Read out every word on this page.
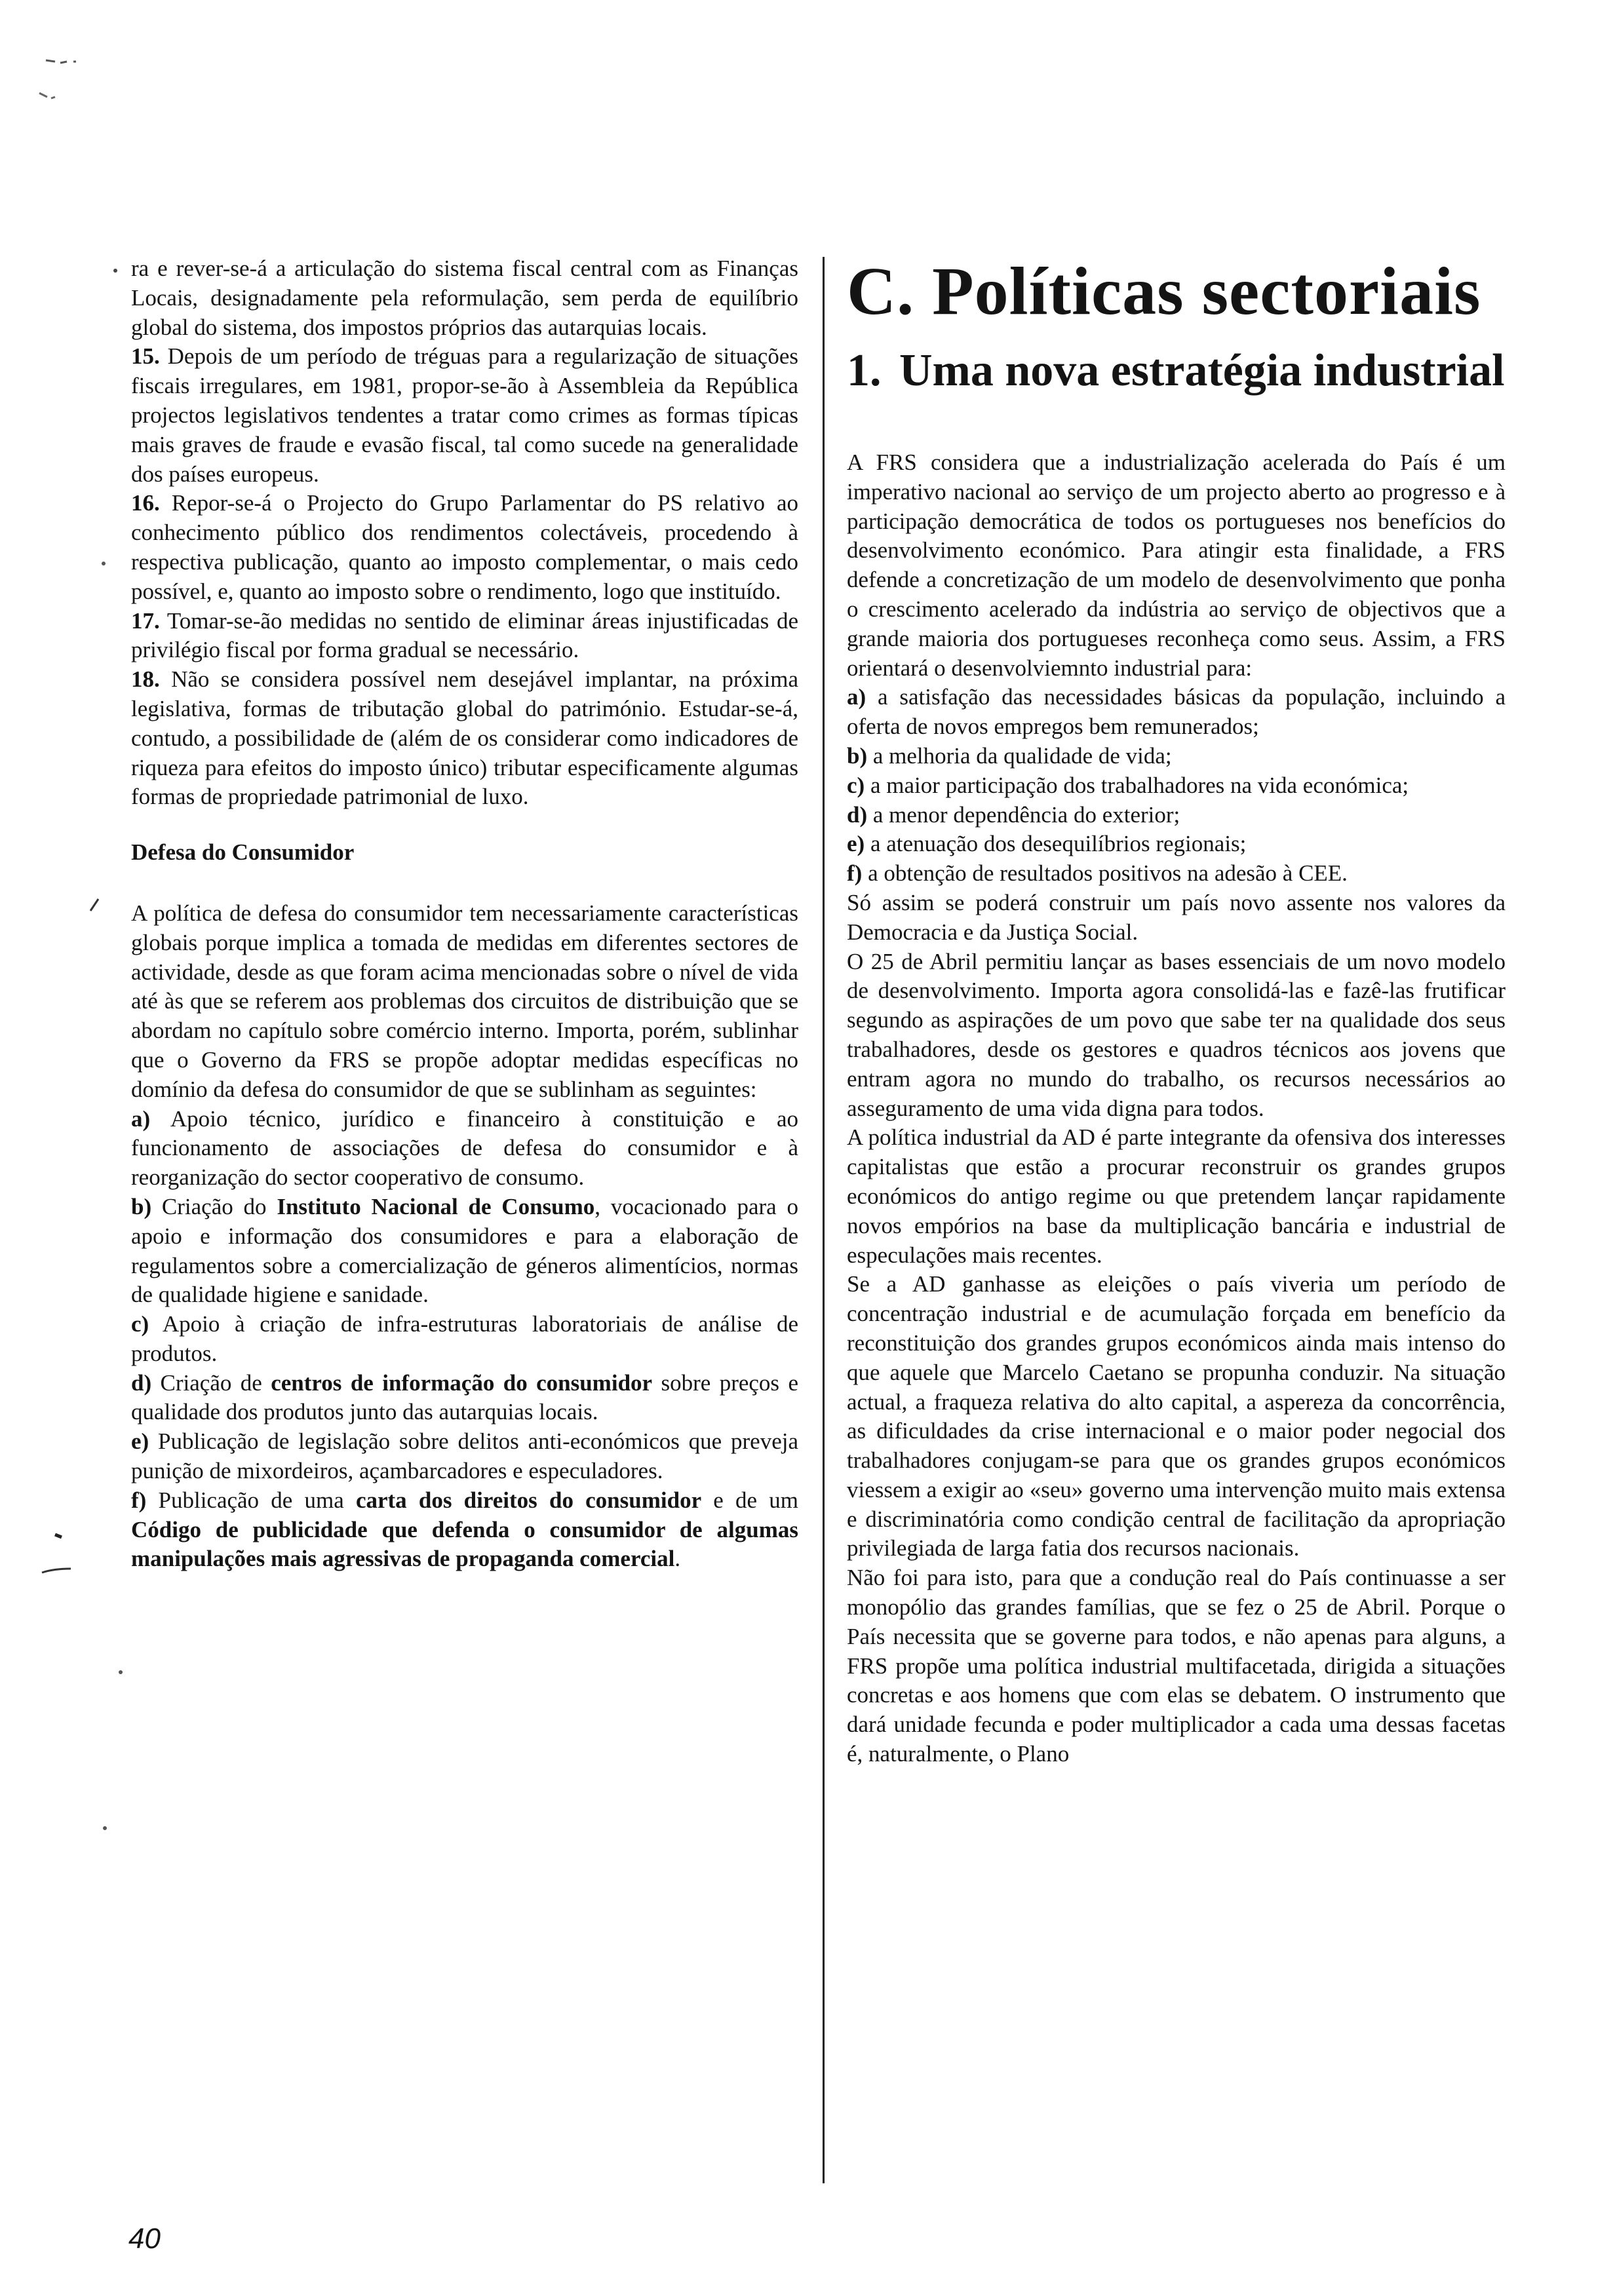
ra e rever-se-á a articulação do sistema fiscal central com as Finanças Locais, designadamente pela reformulação, sem perda de equilíbrio global do sistema, dos impostos próprios das autarquias locais.

15. Depois de um período de tréguas para a regularização de situações fiscais irregulares, em 1981, propor-se-ão à Assembleia da República projectos legislativos tendentes a tratar como crimes as formas típicas mais graves de fraude e evasão fiscal, tal como sucede na generalidade dos países europeus.

16. Repor-se-á o Projecto do Grupo Parlamentar do PS relativo ao conhecimento público dos rendimentos colectáveis, procedendo à respectiva publicação, quanto ao imposto complementar, o mais cedo possível, e, quanto ao imposto sobre o rendimento, logo que instituído.

17. Tomar-se-ão medidas no sentido de eliminar áreas injustificadas de privilégio fiscal por forma gradual se necessário.

18. Não se considera possível nem desejável implantar, na próxima legislativa, formas de tributação global do património. Estudar-se-á, contudo, a possibilidade de (além de os considerar como indicadores de riqueza para efeitos do imposto único) tributar especificamente algumas formas de propriedade patrimonial de luxo.

Defesa do Consumidor

A política de defesa do consumidor tem necessariamente características globais porque implica a tomada de medidas em diferentes sectores de actividade, desde as que foram acima mencionadas sobre o nível de vida até às que se referem aos problemas dos circuitos de distribuição que se abordam no capítulo sobre comércio interno. Importa, porém, sublinhar que o Governo da FRS se propõe adoptar medidas específicas no domínio da defesa do consumidor de que se sublinham as seguintes:

a) Apoio técnico, jurídico e financeiro à constituição e ao funcionamento de associações de defesa do consumidor e à reorganização do sector cooperativo de consumo.

b) Criação do Instituto Nacional de Consumo, vocacionado para o apoio e informação dos consumidores e para a elaboração de regulamentos sobre a comercialização de géneros alimentícios, normas de qualidade higiene e sanidade.

c) Apoio à criação de infra-estruturas laboratoriais de análise de produtos.

d) Criação de centros de informação do consumidor sobre preços e qualidade dos produtos junto das autarquias locais.

e) Publicação de legislação sobre delitos anti-económicos que preveja punição de mixordeiros, açambarcadores e especuladores.

f) Publicação de uma carta dos direitos do consumidor e de um Código de publicidade que defenda o consumidor de algumas manipulações mais agressivas de propaganda comercial.

C. Políticas sectoriais
1. Uma nova estratégia industrial

A FRS considera que a industrialização acelerada do País é um imperativo nacional ao serviço de um projecto aberto ao progresso e à participação democrática de todos os portugueses nos benefícios do desenvolvimento económico. Para atingir esta finalidade, a FRS defende a concretização de um modelo de desenvolvimento que ponha o crescimento acelerado da indústria ao serviço de objectivos que a grande maioria dos portugueses reconheça como seus. Assim, a FRS orientará o desenvolviemnto industrial para:

a) a satisfação das necessidades básicas da população, incluindo a oferta de novos empregos bem remunerados;

b) a melhoria da qualidade de vida;

c) a maior participação dos trabalhadores na vida económica;

d) a menor dependência do exterior;

e) a atenuação dos desequilíbrios regionais;

f) a obtenção de resultados positivos na adesão à CEE.

Só assim se poderá construir um país novo assente nos valores da Democracia e da Justiça Social.

O 25 de Abril permitiu lançar as bases essenciais de um novo modelo de desenvolvimento. Importa agora consolidá-las e fazê-las frutificar segundo as aspirações de um povo que sabe ter na qualidade dos seus trabalhadores, desde os gestores e quadros técnicos aos jovens que entram agora no mundo do trabalho, os recursos necessários ao asseguramento de uma vida digna para todos.

A política industrial da AD é parte integrante da ofensiva dos interesses capitalistas que estão a procurar reconstruir os grandes grupos económicos do antigo regime ou que pretendem lançar rapidamente novos empórios na base da multiplicação bancária e industrial de especulações mais recentes.

Se a AD ganhasse as eleições o país viveria um período de concentração industrial e de acumulação forçada em benefício da reconstituição dos grandes grupos económicos ainda mais intenso do que aquele que Marcelo Caetano se propunha conduzir. Na situação actual, a fraqueza relativa do alto capital, a aspereza da concorrência, as dificuldades da crise internacional e o maior poder negocial dos trabalhadores conjugam-se para que os grandes grupos económicos viessem a exigir ao «seu» governo uma intervenção muito mais extensa e discriminatória como condição central de facilitação da apropriação privilegiada de larga fatia dos recursos nacionais.

Não foi para isto, para que a condução real do País continuasse a ser monopólio das grandes famílias, que se fez o 25 de Abril. Porque o País necessita que se governe para todos, e não apenas para alguns, a FRS propõe uma política industrial multifacetada, dirigida a situações concretas e aos homens que com elas se debatem. O instrumento que dará unidade fecunda e poder multiplicador a cada uma dessas facetas é, naturalmente, o Plano

40
